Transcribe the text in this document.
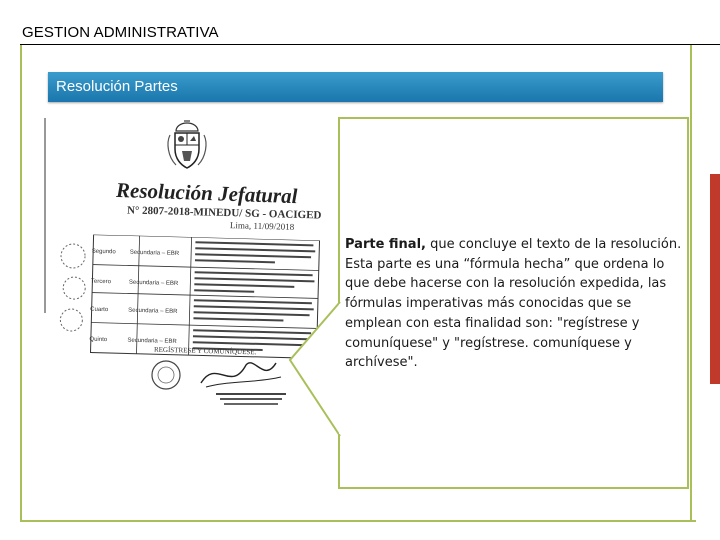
GESTION ADMINISTRATIVA
Resolución Partes
Resolución Jefatural
N° 2807-2018-MINEDU/ SG - OACIGED
Lima, 11/09/2018
Segundo Secundaria – EBR
Tercero	Secundaria – EBR
Cuarto	Secundaria – EBR
Quinto	Secundaria – EBR
REGÍSTRESE Y COMUNÍQUESE.
Parte final, que concluye el texto de la resolución. Esta parte es una “fórmula hecha” que ordena lo que debe hacerse con la resolución expedida, las fórmulas imperativas más conocidas que se emplean con esta finalidad son: "regístrese y comuníquese" y "regístrese. comuníquese y archívese".
